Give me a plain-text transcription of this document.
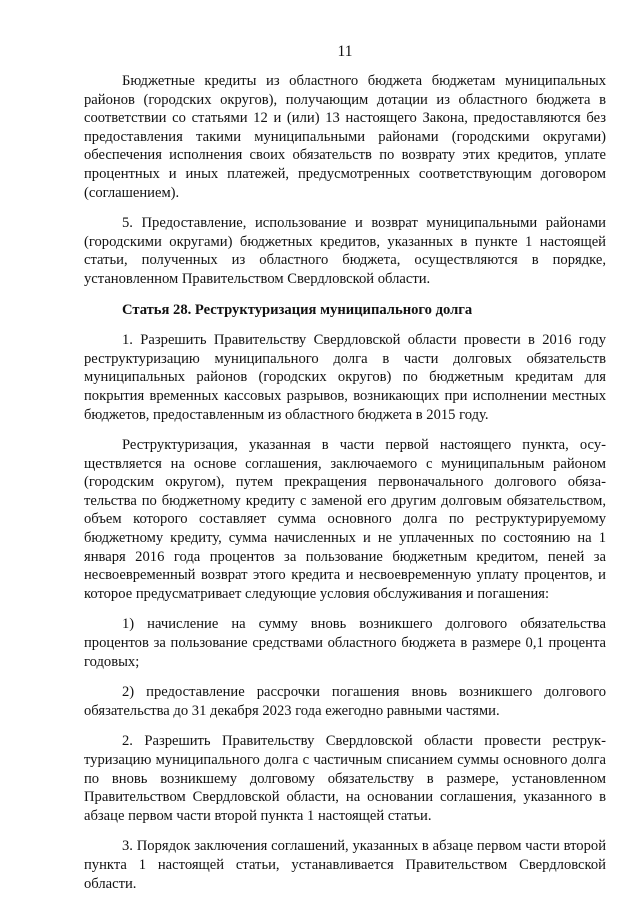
11

Бюджетные кредиты из областного бюджета бюджетам муниципальных районов (городских округов), получающим дотации из областного бюджета в соответствии со статьями 12 и (или) 13 настоящего Закона, предоставляются без предоставления такими муниципальными районами (городскими округами) обеспечения исполнения своих обязательств по возврату этих кредитов, уплате процентных и иных платежей, предусмотренных соответствующим договором (соглашением).

5. Предоставление, использование и возврат муниципальными районами (городскими округами) бюджетных кредитов, указанных в пункте 1 настоящей статьи, полученных из областного бюджета, осуществляются в порядке, установленном Правительством Свердловской области.

Статья 28. Реструктуризация муниципального долга

1. Разрешить Правительству Свердловской области провести в 2016 году реструктуризацию муниципального долга в части долговых обязательств муниципальных районов (городских округов) по бюджетным кредитам для покрытия временных кассовых разрывов, возникающих при исполнении местных бюджетов, предоставленным из областного бюджета в 2015 году.

Реструктуризация, указанная в части первой настоящего пункта, осуществляется на основе соглашения, заключаемого с муниципальным районом (городским округом), путем прекращения первоначального долгового обязательства по бюджетному кредиту с заменой его другим долговым обязательством, объем которого составляет сумма основного долга по реструктурируемому бюджетному кредиту, сумма начисленных и не уплаченных по состоянию на 1 января 2016 года процентов за пользование бюджетным кредитом, пеней за несвоевременный возврат этого кредита и несвоевременную уплату процентов, и которое предусматривает следующие условия обслуживания и погашения:

1) начисление на сумму вновь возникшего долгового обязательства процентов за пользование средствами областного бюджета в размере 0,1 процента годовых;

2) предоставление рассрочки погашения вновь возникшего долгового обязательства до 31 декабря 2023 года ежегодно равными частями.

2. Разрешить Правительству Свердловской области провести реструктуризацию муниципального долга с частичным списанием суммы основного долга по вновь возникшему долговому обязательству в размере, установленном Правительством Свердловской области, на основании соглашения, указанного в абзаце первом части второй пункта 1 настоящей статьи.

3. Порядок заключения соглашений, указанных в абзаце первом части второй пункта 1 настоящей статьи, устанавливается Правительством Свердловской области.
